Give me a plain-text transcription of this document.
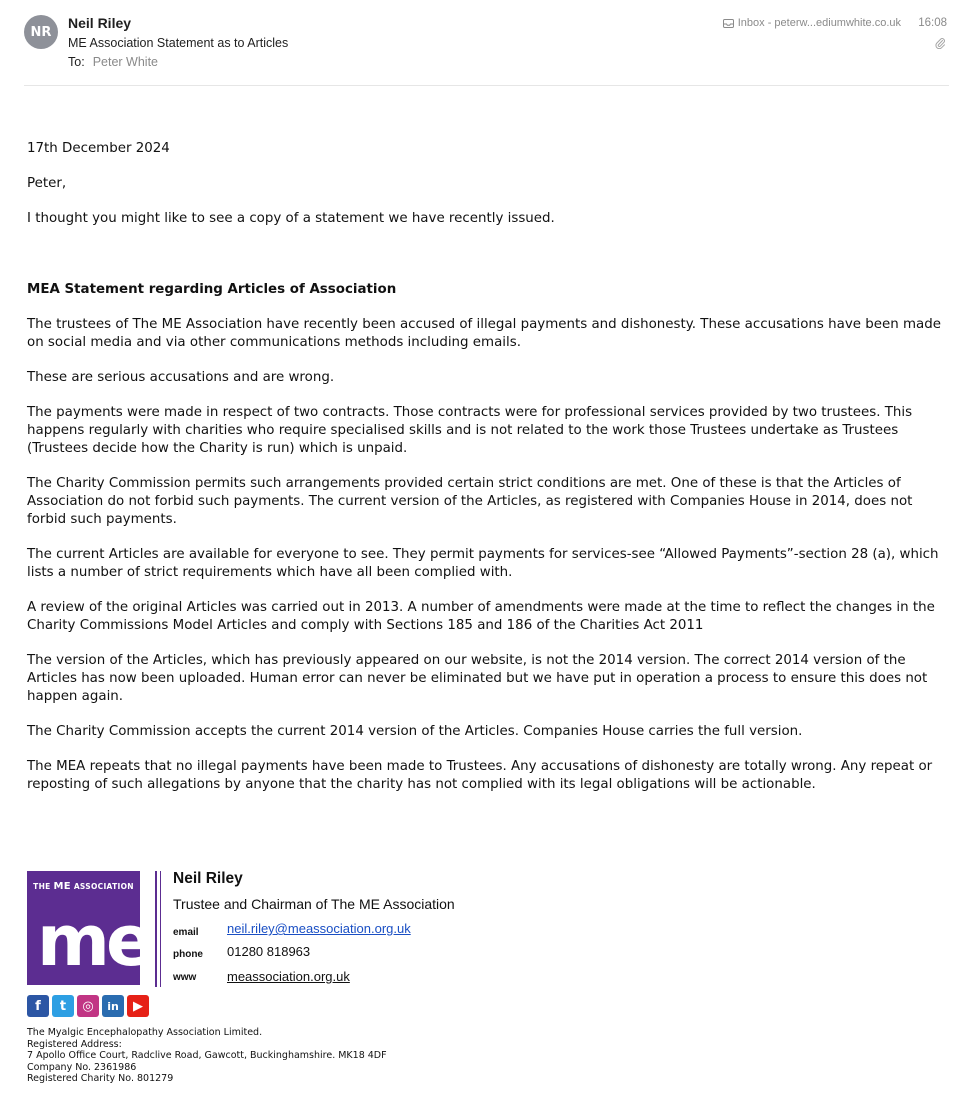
NR
Neil Riley
ME Association Statement as to Articles
To: Peter White
Inbox - peterw...ediumwhite.co.uk 16:08

17th December 2024

Peter,

I thought you might like to see a copy of a statement we have recently issued.

MEA Statement regarding Articles of Association

The trustees of The ME Association have recently been accused of illegal payments and dishonesty. These accusations have been made on social media and via other communications methods including emails.

These are serious accusations and are wrong.

The payments were made in respect of two contracts. Those contracts were for professional services provided by two trustees. This happens regularly with charities who require specialised skills and is not related to the work those Trustees undertake as Trustees (Trustees decide how the Charity is run) which is unpaid.

The Charity Commission permits such arrangements provided certain strict conditions are met. One of these is that the Articles of Association do not forbid such payments. The current version of the Articles, as registered with Companies House in 2014, does not forbid such payments.

The current Articles are available for everyone to see. They permit payments for services-see “Allowed Payments”-section 28 (a), which lists a number of strict requirements which have all been complied with.

A review of the original Articles was carried out in 2013. A number of amendments were made at the time to reflect the changes in the Charity Commissions Model Articles and comply with Sections 185 and 186 of the Charities Act 2011

The version of the Articles, which has previously appeared on our website, is not the 2014 version. The correct 2014 version of the Articles has now been uploaded. Human error can never be eliminated but we have put in operation a process to ensure this does not happen again.

The Charity Commission accepts the current 2014 version of the Articles. Companies House carries the full version.

The MEA repeats that no illegal payments have been made to Trustees. Any accusations of dishonesty are totally wrong. Any repeat or reposting of such allegations by anyone that the charity has not complied with its legal obligations will be actionable.

THE ME ASSOCIATION
me
Neil Riley
Trustee and Chairman of The ME Association
email neil.riley@meassociation.org.uk
phone 01280 818963
www meassociation.org.uk
f	t	◎	in	▶
The Myalgic Encephalopathy Association Limited.
Registered Address:
7 Apollo Office Court, Radclive Road, Gawcott, Buckinghamshire. MK18 4DF
Company No. 2361986
Registered Charity No. 801279
